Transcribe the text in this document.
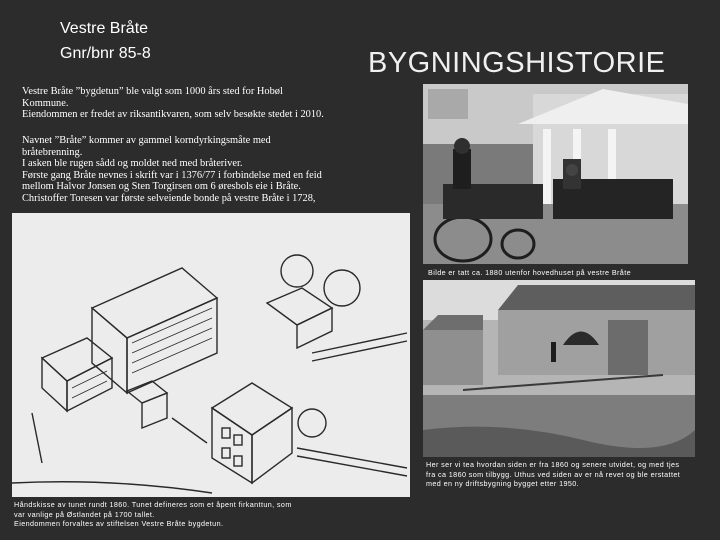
Vestre Bråte
Gnr/bnr 85-8	BYGNINGSHISTORIE
Vestre Bråte ”bygdetun” ble valgt som 1000 års sted for Hobøl
Kommune.
Eiendommen er fredet av riksantikvaren, som selv besøkte stedet i 2010.
Navnet ”Bråte” kommer av gammel korndyrkingsmåte med
bråtebrenning.
I asken ble rugen sådd og moldet ned med bråteriver.
Første gang Bråte nevnes i skrift var i 1376/77 i forbindelse med en feid
mellom Halvor Jonsen og Sten Torgirsen om 6 øresbols eie i Bråte.
Christoffer Toresen var første selveiende bonde på vestre Bråte i 1728,
Bilde er tatt ca. 1880 utenfor hovedhuset på vestre Bråte
Her ser vi tea hvordan siden er fra 1860 og senere utvidet, og med tjes
fra ca 1860 som tilbygg. Uthus ved siden av er nå revet og ble erstattet
med en ny driftsbygning bygget etter 1950.
Håndskisse av tunet rundt 1860. Tunet defineres som et åpent firkanttun, som
var vanlige på Østlandet på 1700 tallet.
Eiendommen forvaltes av stiftelsen Vestre Bråte bygdetun.
